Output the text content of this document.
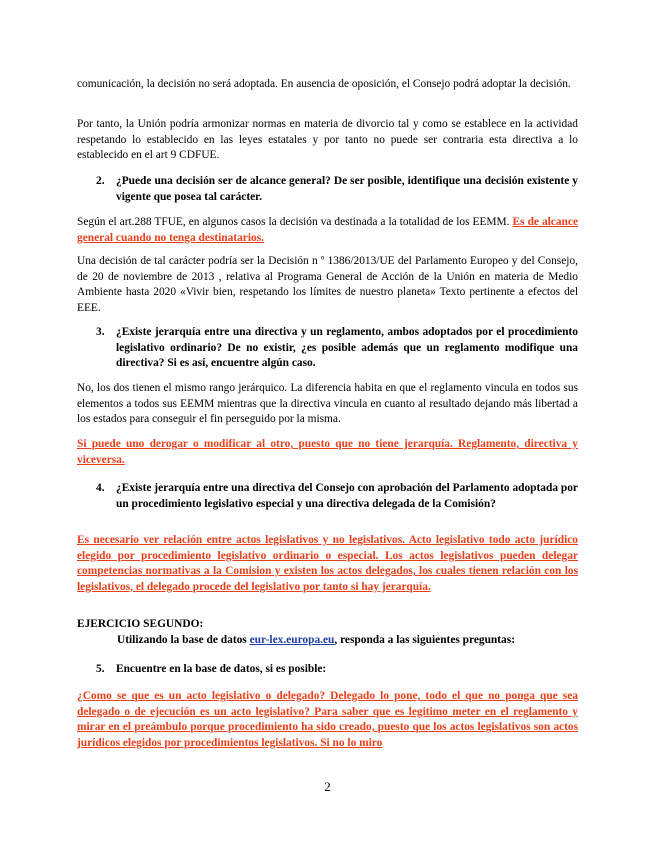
comunicación, la decisión no será adoptada. En ausencia de oposición, el Consejo podrá adoptar la decisión.

Por tanto, la Unión podría armonizar normas en materia de divorcio tal y como se establece en la actividad respetando lo establecido en las leyes estatales y por tanto no puede ser contraria esta directiva a lo establecido en el art 9 CDFUE.

2. ¿Puede una decisión ser de alcance general? De ser posible, identifique una decisión existente y vigente que posea tal carácter.

Según el art.288 TFUE, en algunos casos la decisión va destinada a la totalidad de los EEMM. Es de alcance general cuando no tenga destinatarios.

Una decisión de tal carácter podría ser la Decisión n º 1386/2013/UE del Parlamento Europeo y del Consejo, de 20 de noviembre de 2013 , relativa al Programa General de Acción de la Unión en materia de Medio Ambiente hasta 2020 «Vivir bien, respetando los límites de nuestro planeta» Texto pertinente a efectos del EEE.

3. ¿Existe jerarquía entre una directiva y un reglamento, ambos adoptados por el procedimiento legislativo ordinario? De no existir, ¿es posible además que un reglamento modifique una directiva? Si es así, encuentre algún caso.

No, los dos tienen el mismo rango jerárquico. La diferencia habita en que el reglamento vincula en todos sus elementos a todos sus EEMM mientras que la directiva vincula en cuanto al resultado dejando más libertad a los estados para conseguir el fin perseguido por la misma.

Si puede uno derogar o modificar al otro, puesto que no tiene jerarquía. Reglamento, directiva y viceversa.

4. ¿Existe jerarquía entre una directiva del Consejo con aprobación del Parlamento adoptada por un procedimiento legislativo especial y una directiva delegada de la Comisión?

Es necesario ver relación entre actos legislativos y no legislativos. Acto legislativo todo acto jurídico elegido por procedimiento legislativo ordinario o especial. Los actos legislativos pueden delegar competencias normativas a la Comision y existen los actos delegados, los cuales tienen relación con los legislativos, el delegado procede del legislativo por tanto si hay jerarquía.

EJERCICIO SEGUNDO:

Utilizando la base de datos eur-lex.europa.eu, responda a las siguientes preguntas:

5. Encuentre en la base de datos, si es posible:

¿Como se que es un acto legislativo o delegado? Delegado lo pone, todo el que no ponga que sea delegado o de ejecución es un acto legislativo? Para saber que es legitimo meter en el reglamento y mirar en el preámbulo porque procedimiento ha sido creado, puesto que los actos legislativos son actos jurídicos elegidos por procedimientos legislativos. Si no lo miro

2
